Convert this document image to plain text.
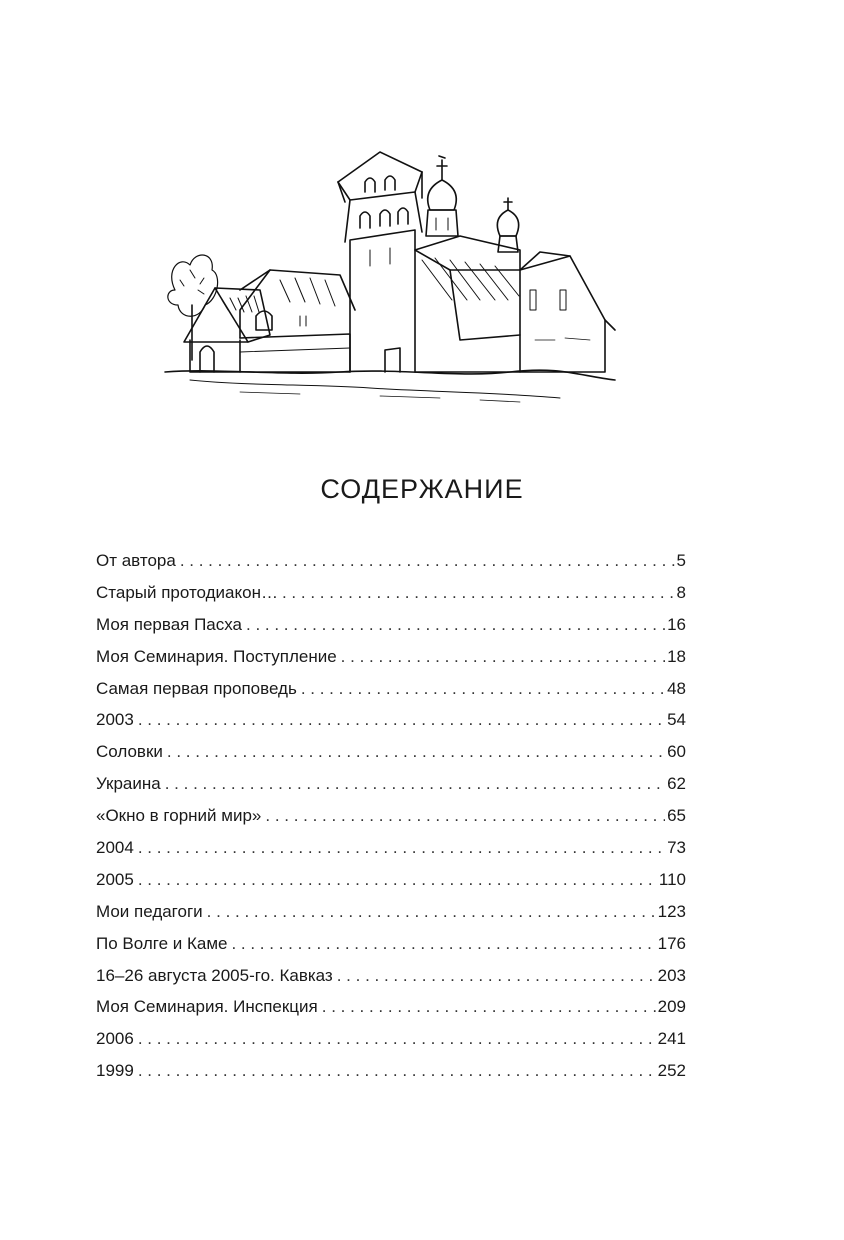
СОДЕРЖАНИЕ
От автора . . .	5
Старый протодиакон… . . .	8
Моя первая Пасха . . .	16
Моя Семинария. Поступление . . .	18
Самая первая проповедь . . .	48
2003 . . .	54
Соловки . . .	60
Украина . . .	62
«Окно в горний мир» . . .	65
2004 . . .	73
2005 . . .	110
Мои педагоги . . .	123
По Волге и Каме . . .	176
16–26 августа 2005-го. Кавказ . . .	203
Моя Семинария. Инспекция . . .	209
2006 . . .	241
1999 . . .	252
